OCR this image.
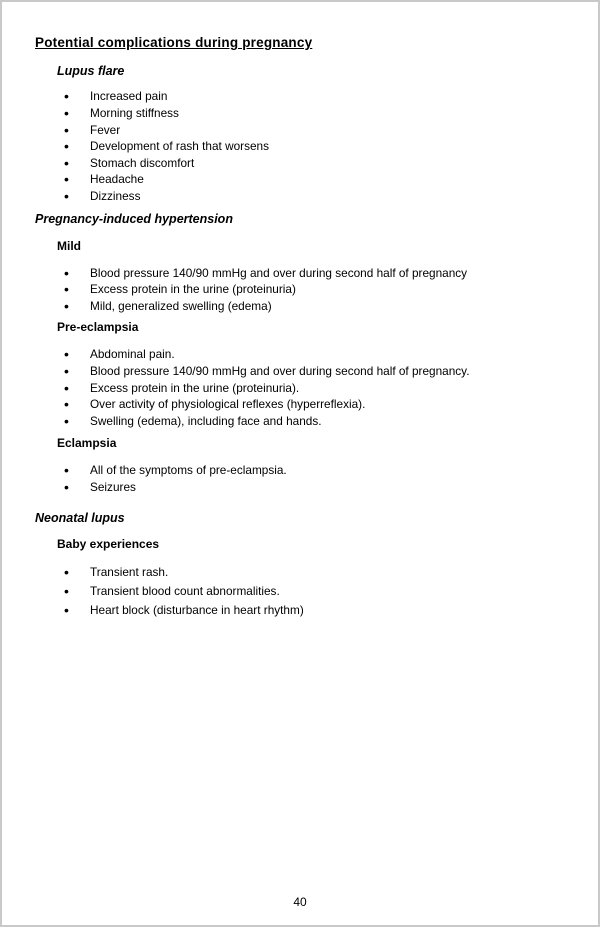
Potential complications during pregnancy
Lupus flare
• Increased pain
• Morning stiffness
• Fever
• Development of rash that worsens
• Stomach discomfort
• Headache
• Dizziness
Pregnancy-induced hypertension
Mild
• Blood pressure 140/90 mmHg and over during second half of pregnancy
• Excess protein in the urine (proteinuria)
• Mild, generalized swelling (edema)
Pre-eclampsia
• Abdominal pain.
• Blood pressure 140/90 mmHg and over during second half of pregnancy.
• Excess protein in the urine (proteinuria).
• Over activity of physiological reflexes (hyperreflexia).
• Swelling (edema), including face and hands.
Eclampsia
• All of the symptoms of pre-eclampsia.
• Seizures
Neonatal lupus
Baby experiences
• Transient rash.
• Transient blood count abnormalities.
• Heart block (disturbance in heart rhythm)
40
